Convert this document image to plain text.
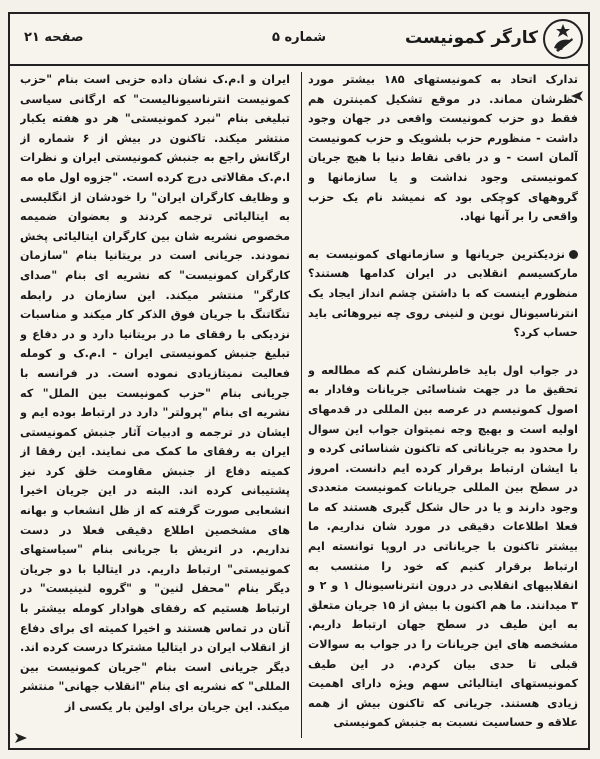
کارگر کمونیست
شماره ۵
صفحه ۲۱

تدارک اتحاد به کمونیستهای ۱۸۵ بیشتر مورد نظرشان مماند. در موقع تشکیل کمینترن هم فقط دو حزب کمونیست واقعی در جهان وجود داشت - منظورم حزب بلشویک و حزب کمونیست آلمان است - و در باقی نقاط دنیا با هیچ جریان کمونیستی وجود نداشت و یا سازمانها و گروههای کوچکی بود که نمیشد نام یک حزب واقعی را بر آنها نهاد.

نزدیکترین جریانها و سازمانهای کمونیست به مارکسیسم انقلابی در ایران کدامها هستند؟ منظورم اینست که با داشتن چشم انداز ایجاد یک انترناسیونال نوین و لنینی روی چه نیروهائی باید حساب کرد؟

در جواب اول باید خاطرنشان کنم که مطالعه و تحقیق ما در جهت شناسائی جریانات وفادار به اصول کمونیسم در عرصه بین المللی در قدمهای اولیه است و بهیچ وجه نمیتوان جواب این سوال را محدود به جریاناتی که تاکنون شناسائی کرده و با ایشان ارتباط برقرار کرده ایم دانست. امروز در سطح بین المللی جریانات کمونیست متعددی وجود دارند و یا در حال شکل گیری هستند که ما فعلا اطلاعات دقیقی در مورد شان نداریم. ما بیشتر تاکنون با جریاناتی در اروپا توانسته ایم ارتباط برقرار کنیم که خود را منتسب به انقلابیهای انقلابی در درون انترناسیونال ۱ و ۲ و ۳ میدانند. ما هم اکنون با بیش از ۱۵ جریان متعلق به این طیف در سطح جهان ارتباط داریم. مشخصه های این جریانات را در جواب به سوالات قبلی تا حدی بیان کردم. در این طیف کمونیستهای ایتالیائی سهم ویژه دارای اهمیت زیادی هستند. جریانی که تاکنون بیش از همه علاقه و حساسیت نسبت به جنبش کمونیستی

ایران و ا.م.ک نشان داده حزبی است بنام "حزب کمونیست انترناسیونالیست" که ارگانی سیاسی تبلیغی بنام "نبرد کمونیستی" هر دو هفته یکبار منتشر میکند. تاکنون در بیش از ۶ شماره از ارگانش راجع به جنبش کمونیستی ایران و نظرات ا.م.ک مقالاتی درج کرده است. "جزوه اول ماه مه و وظایف کارگران ایران" را خودشان از انگلیسی به ایتالیائی ترجمه کردند و بعضوان ضمیمه مخصوص نشریه شان بین کارگران ایتالیائی پخش نمودند. جریانی است در بریتانیا بنام "سازمان کارگران کمونیست" که نشریه ای بنام "صدای کارگر" منتشر میکند. این سازمان در رابطه تنگاتنگ با جریان فوق الذکر کار میکند و مناسبات نزدیکی با رفقای ما در بریتانیا دارد و در دفاع و تبلیغ جنبش کمونیستی ایران - ا.م.ک و کومله فعالیت نمیتازیادی نموده است. در فرانسه با جریانی بنام "حزب کمونیست بین الملل" که نشریه ای بنام "پرولتر" دارد در ارتباط بوده ایم و ایشان در ترجمه و ادبیات آثار جنبش کمونیستی ایران به رفقای ما کمک می نمایند. این رفقا از کمیته دفاع از جنبش مقاومت خلق کرد نیز پشتیبانی کرده اند. البته در این جریان اخیرا انشعابی صورت گرفته که از ظل انشعاب و بهانه های مشخصین اطلاع دقیقی فعلا در دست نداریم. در اتریش با جریانی بنام "سیاستهای کمونیستی" ارتباط داریم. در ایتالیا با دو جریان دیگر بنام "محفل لنین" و "گروه لنینیست" در ارتباط هستیم که رفقای هوادار کومله بیشتر با آنان در تماس هستند و اخیرا کمیته ای برای دفاع از انقلاب ایران در ایتالیا مشترکا درست کرده اند. دیگر جریانی است بنام "جریان کمونیست بین المللی" که نشریه ای بنام "انقلاب جهانی" منتشر میکند. این جریان برای اولین بار یکسی از
